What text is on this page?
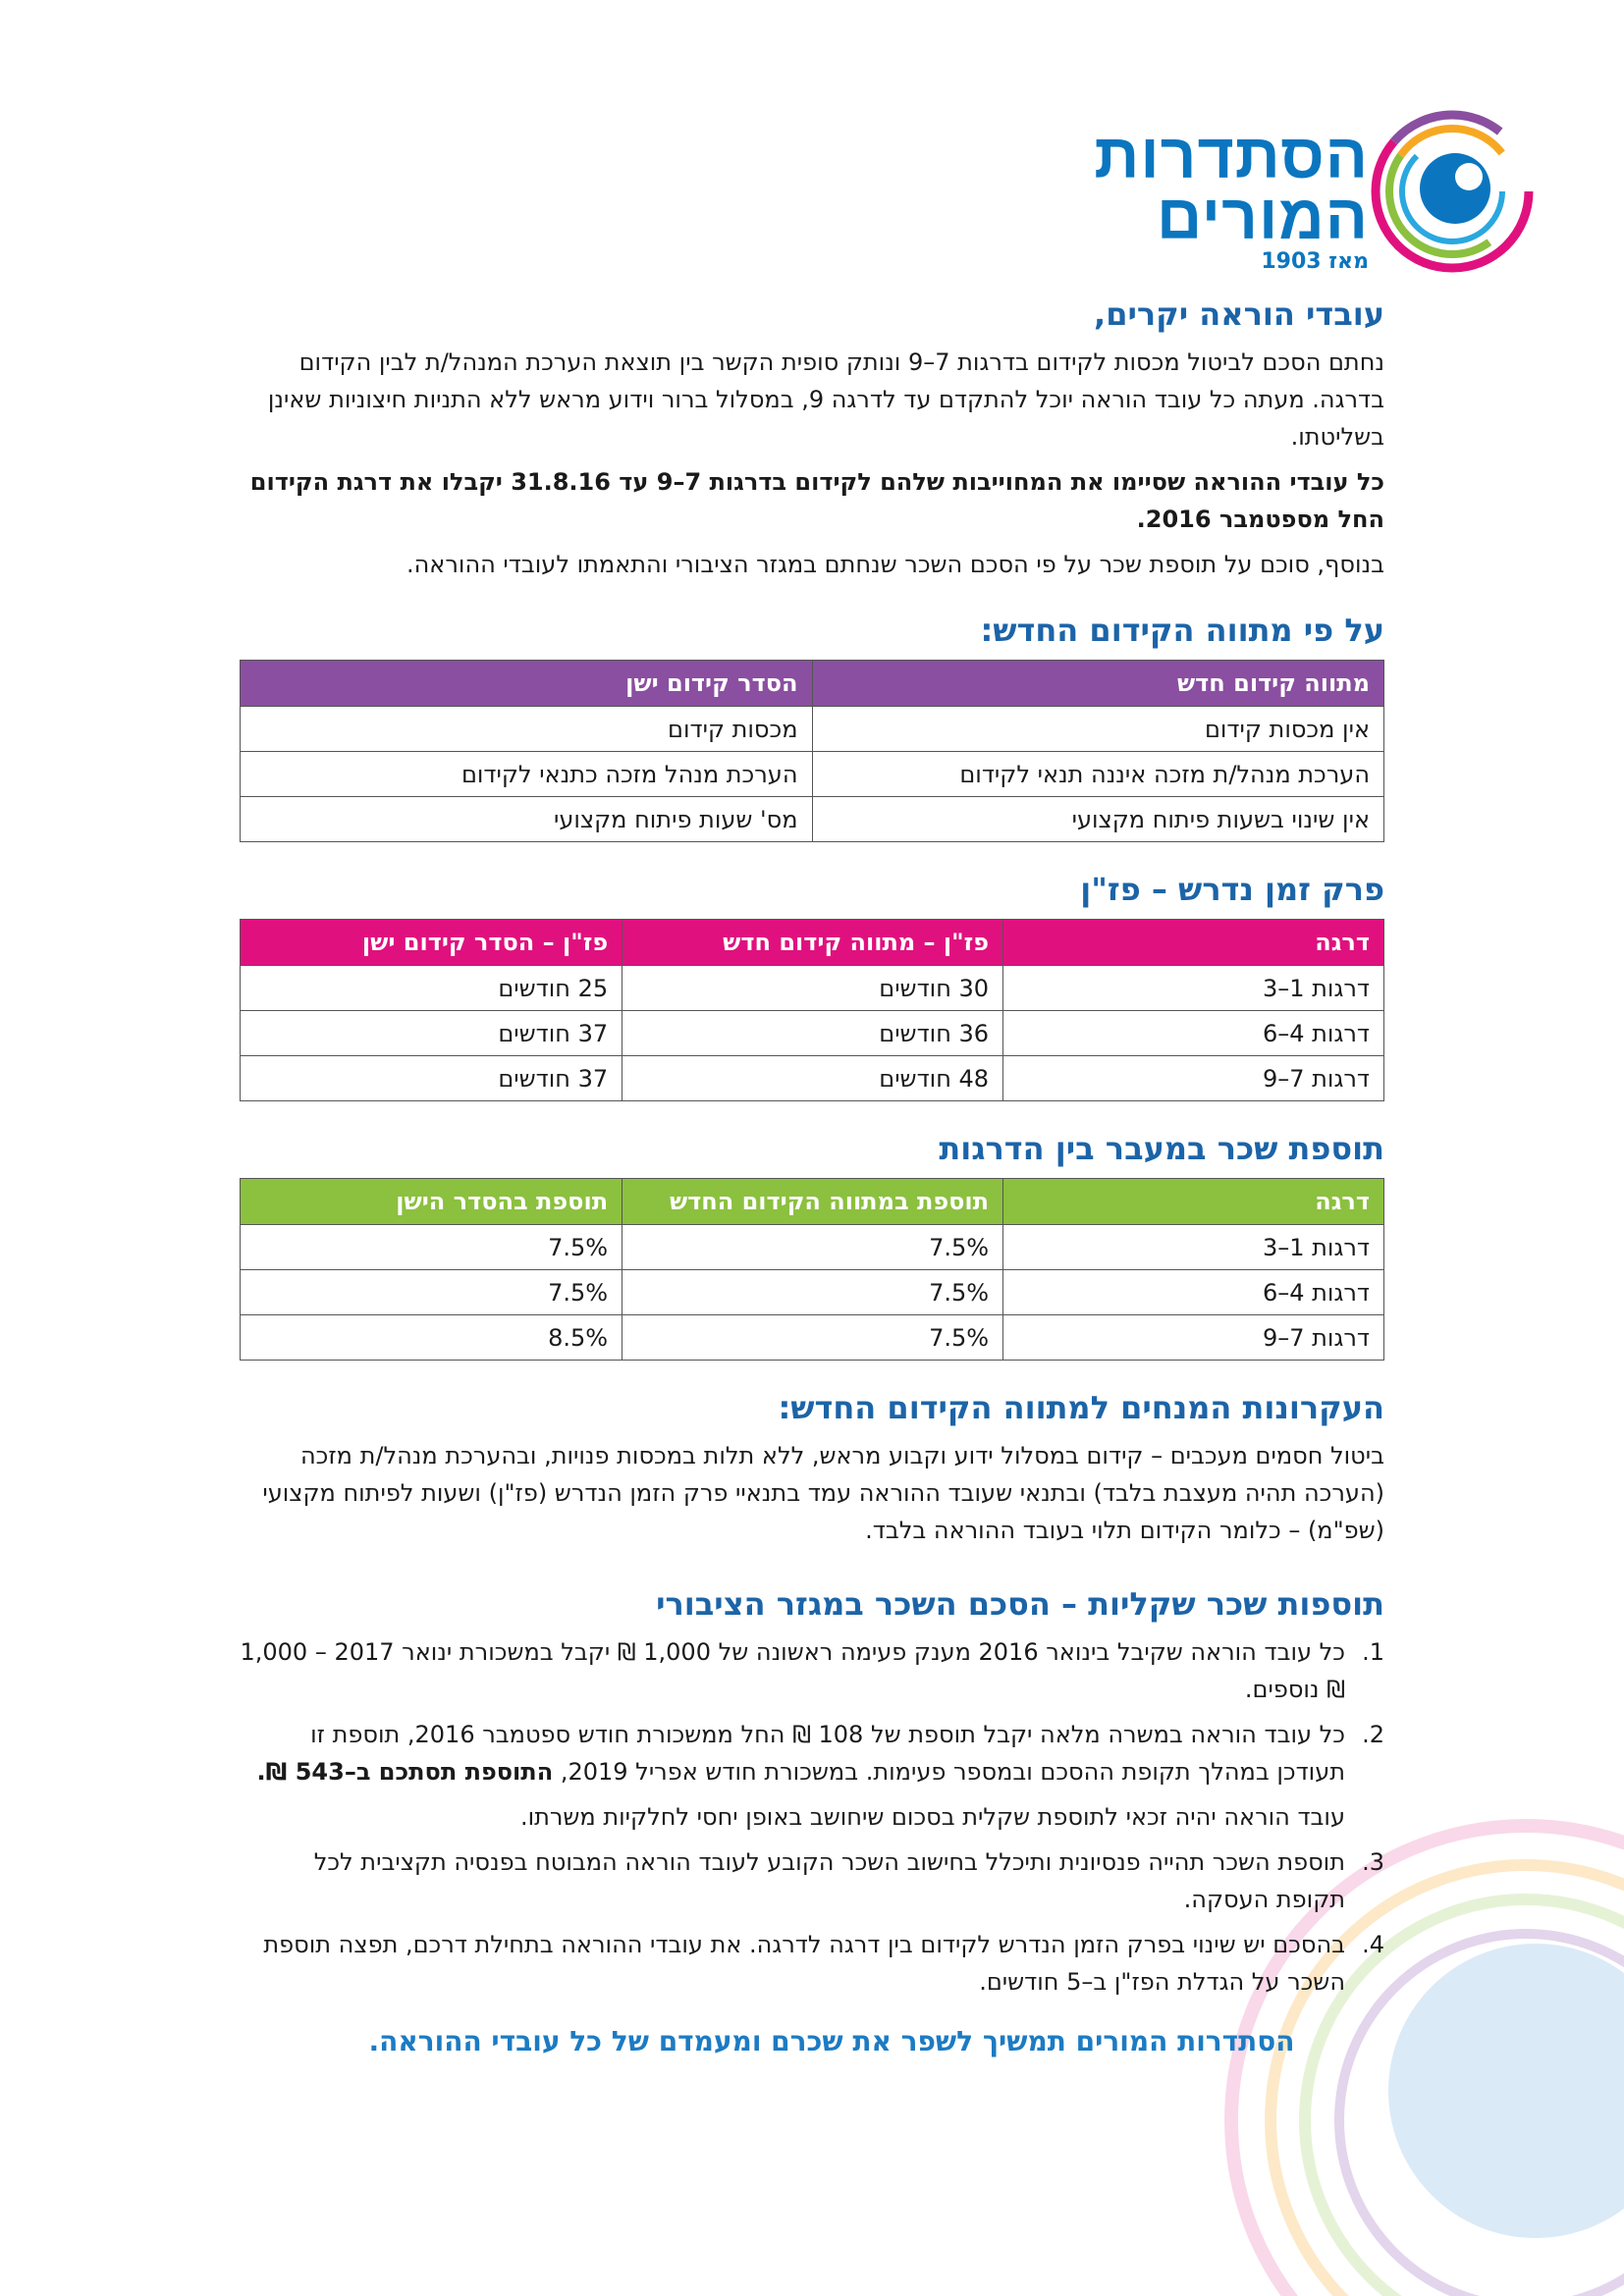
הסתדרות
המורים
מאז 1903
עובדי הוראה יקרים,

נחתם הסכם לביטול מכסות לקידום בדרגות 7–9 ונותק סופית הקשר בין תוצאת הערכת המנהל/ת לבין הקידום בדרגה. מעתה כל עובד הוראה יוכל להתקדם עד לדרגה 9, במסלול ברור וידוע מראש ללא התניות חיצוניות שאינן בשליטתו.

כל עובדי ההוראה שסיימו את המחוייבות שלהם לקידום בדרגות 7–9 עד 31.8.16 יקבלו את דרגת הקידום החל מספטמבר 2016.

בנוסף, סוכם על תוספת שכר על פי הסכם השכר שנחתם במגזר הציבורי והתאמתו לעובדי ההוראה.

על פי מתווה הקידום החדש:
מתווה קידום חדש	הסדר קידום ישן
אין מכסות קידום	מכסות קידום
הערכת מנהל/ת מזכה איננה תנאי לקידום	הערכת מנהל מזכה כתנאי לקידום
אין שינוי בשעות פיתוח מקצועי	מס' שעות פיתוח מקצועי
פרק זמן נדרש – פז"ן
דרגה	פז"ן – מתווה קידום חדש	פז"ן – הסדר קידום ישן
דרגות 1–3	30 חודשים	25 חודשים
דרגות 4–6	36 חודשים	37 חודשים
דרגות 7–9	48 חודשים	37 חודשים
תוספת שכר במעבר בין הדרגות
דרגה	תוספת במתווה הקידום החדש	תוספת בהסדר הישן
דרגות 1–3	7.5%	7.5%
דרגות 4–6	7.5%	7.5%
דרגות 7–9	7.5%	8.5%
העקרונות המנחים למתווה הקידום החדש:

ביטול חסמים מעכבים – קידום במסלול ידוע וקבוע מראש, ללא תלות במכסות פנויות, ובהערכת מנהל/ת מזכה (הערכה תהיה מעצבת בלבד) ובתנאי שעובד ההוראה עמד בתנאיי פרק הזמן הנדרש (פז"ן) ושעות לפיתוח מקצועי (שפ"מ) – כלומר הקידום תלוי בעובד ההוראה בלבד.

תוספות שכר שקליות – הסכם השכר במגזר הציבורי
1.
כל עובד הוראה שקיבל בינואר 2016 מענק פעימה ראשונה של 1,000 ₪ יקבל במשכורת ינואר 2017 – 1,000 ₪ נוספים.
2.
כל עובד הוראה במשרה מלאה יקבל תוספת של 108 ₪ החל ממשכורת חודש ספטמבר 2016, תוספת זו תעודכן במהלך תקופת ההסכם ובמספר פעימות. במשכורת חודש אפריל 2019, התוספת תסתכם ב–543 ₪.

עובד הוראה יהיה זכאי לתוספת שקלית בסכום שיחושב באופן יחסי לחלקיות משרתו.

3.
תוספת השכר תהייה פנסיונית ותיכלל בחישוב השכר הקובע לעובד הוראה המבוטח בפנסיה תקציבית לכל תקופת העסקה.
4.
בהסכם יש שינוי בפרק הזמן הנדרש לקידום בין דרגה לדרגה. את עובדי ההוראה בתחילת דרכם, תפצה תוספת השכר על הגדלת הפז"ן ב–5 חודשים.
הסתדרות המורים תמשיך לשפר את שכרם ומעמדם של כל עובדי ההוראה.
